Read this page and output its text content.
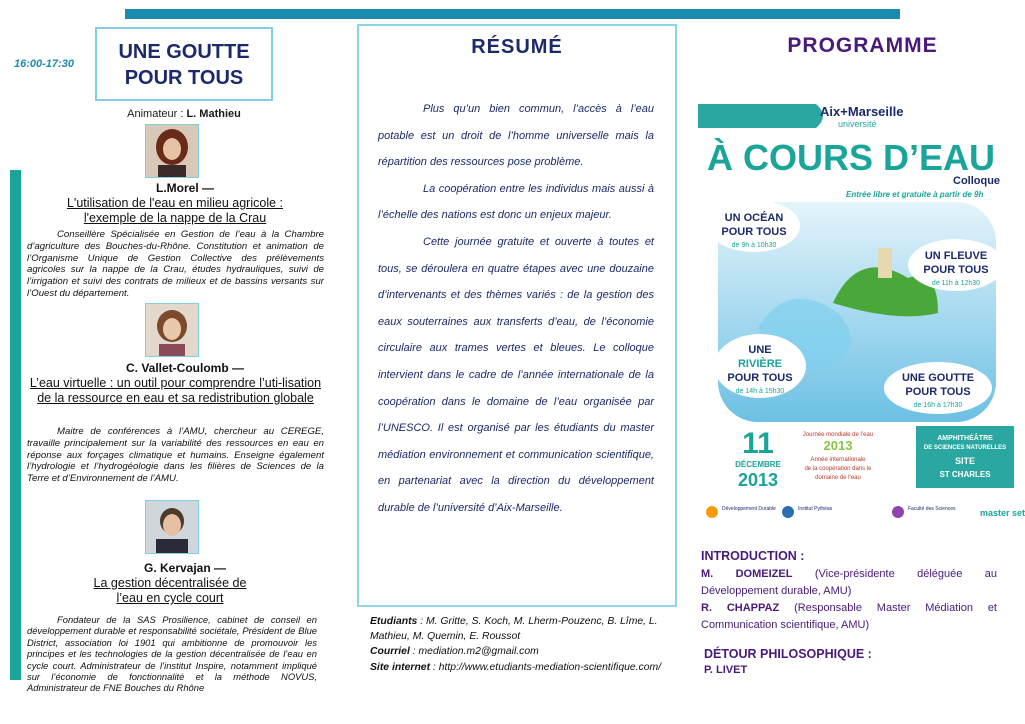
16:00-17:30
UNE GOUTTE
POUR TOUS
Animateur : L. Mathieu
L.Morel —
L'utilisation de l'eau en milieu agricole : l'exemple de la nappe de la Crau
Conseillère Spécialisée en Gestion de l’eau à la Chambre d’agriculture des Bouches-du-Rhône. Constitution et animation de l’Organisme Unique de Gestion Collective des prélèvements agricoles sur la nappe de la Crau, études hydrauliques, suivi de l’irrigation et suivi des contrats de milieux et de bassins versants sur l’Ouest du département.
C. Vallet-Coulomb —
L’eau virtuelle : un outil pour comprendre l’uti-lisation de la ressource en eau et sa redistribution globale
Maitre de conférences à l’AMU, chercheur au CEREGE, travaille principalement sur la variabilité des ressources en eau en réponse aux forçages climatique et humains. Enseigne également l’hydrologie et l’hydrogéologie dans les filières de Sciences de la Terre et d’Environnement de l’AMU.
G. Kervajan —
La gestion décentralisée de l’eau en cycle court
Fondateur de la SAS Prosilience, cabinet de conseil en développement durable et responsabilité sociétale, Président de Blue District, association loi 1901 qui ambitionne de promouvoir les principes et les technologies de la gestion décentralisée de l’eau en cycle court. Administrateur de l’institut Inspire, notamment impliqué sur l’économie de fonctionnalité et la méthode NOVUS, Administrateur de FNE Bouches du Rhône
RÉSUMÉ

Plus qu’un bien commun, l’accès à l’eau potable est un droit de l’homme universelle mais la répartition des ressources pose problème.

La coopération entre les individus mais aussi à l’échelle des nations est donc un enjeux majeur.

Cette journée gratuite et ouverte à toutes et tous, se déroulera en quatre étapes avec une douzaine d’intervenants et des thèmes variés : de la gestion des eaux souterraines aux transferts d’eau, de l’économie circulaire aux trames vertes et bleues. Le colloque intervient dans le cadre de l’année internationale de la coopération dans le domaine de l’eau organisée par l’UNESCO. Il est organisé par les étudiants du master médiation environnement et communication scientifique, en partenariat avec la direction du développement durable de l’université d’Aix-Marseille.

Etudiants : M. Gritte, S. Koch, M. Lherm-Pouzenc, B. Lîme, L. Mathieu, M. Quemin, E. Roussot
Courriel : mediation.m2@gmail.com
Site internet : http://www.etudiants-mediation-scientifique.com/
PROGRAMME
Aix+Marseille
université
À COURS D’EAU
Colloque
Entrée libre et gratuite à partir de 9h
UN OCÉAN
POUR TOUS
de 9h à 10h30
UN FLEUVE
POUR TOUS
de 11h à 12h30
UNE
RIVIÈRE
POUR TOUS
de 14h à 15h30
UNE GOUTTE
POUR TOUS
de 16h à 17h30
11
DÉCEMBRE
2013
Journée mondiale de l’eau
2013
Année internationale
de la coopération dans le
domaine de l’eau
AMPHITHÉÂTRE
DE SCIENCES NATURELLES
SITE
ST CHARLES
Développement Durable	Institut Pythéas	Faculté des Sciences	master set
INTRODUCTION :
M. DOMEIZEL (Vice-présidente déléguée au Développement durable, AMU)
R. CHAPPAZ (Responsable Master Médiation et Communication scientifique, AMU)
DÉTOUR PHILOSOPHIQUE :
P. LIVET
